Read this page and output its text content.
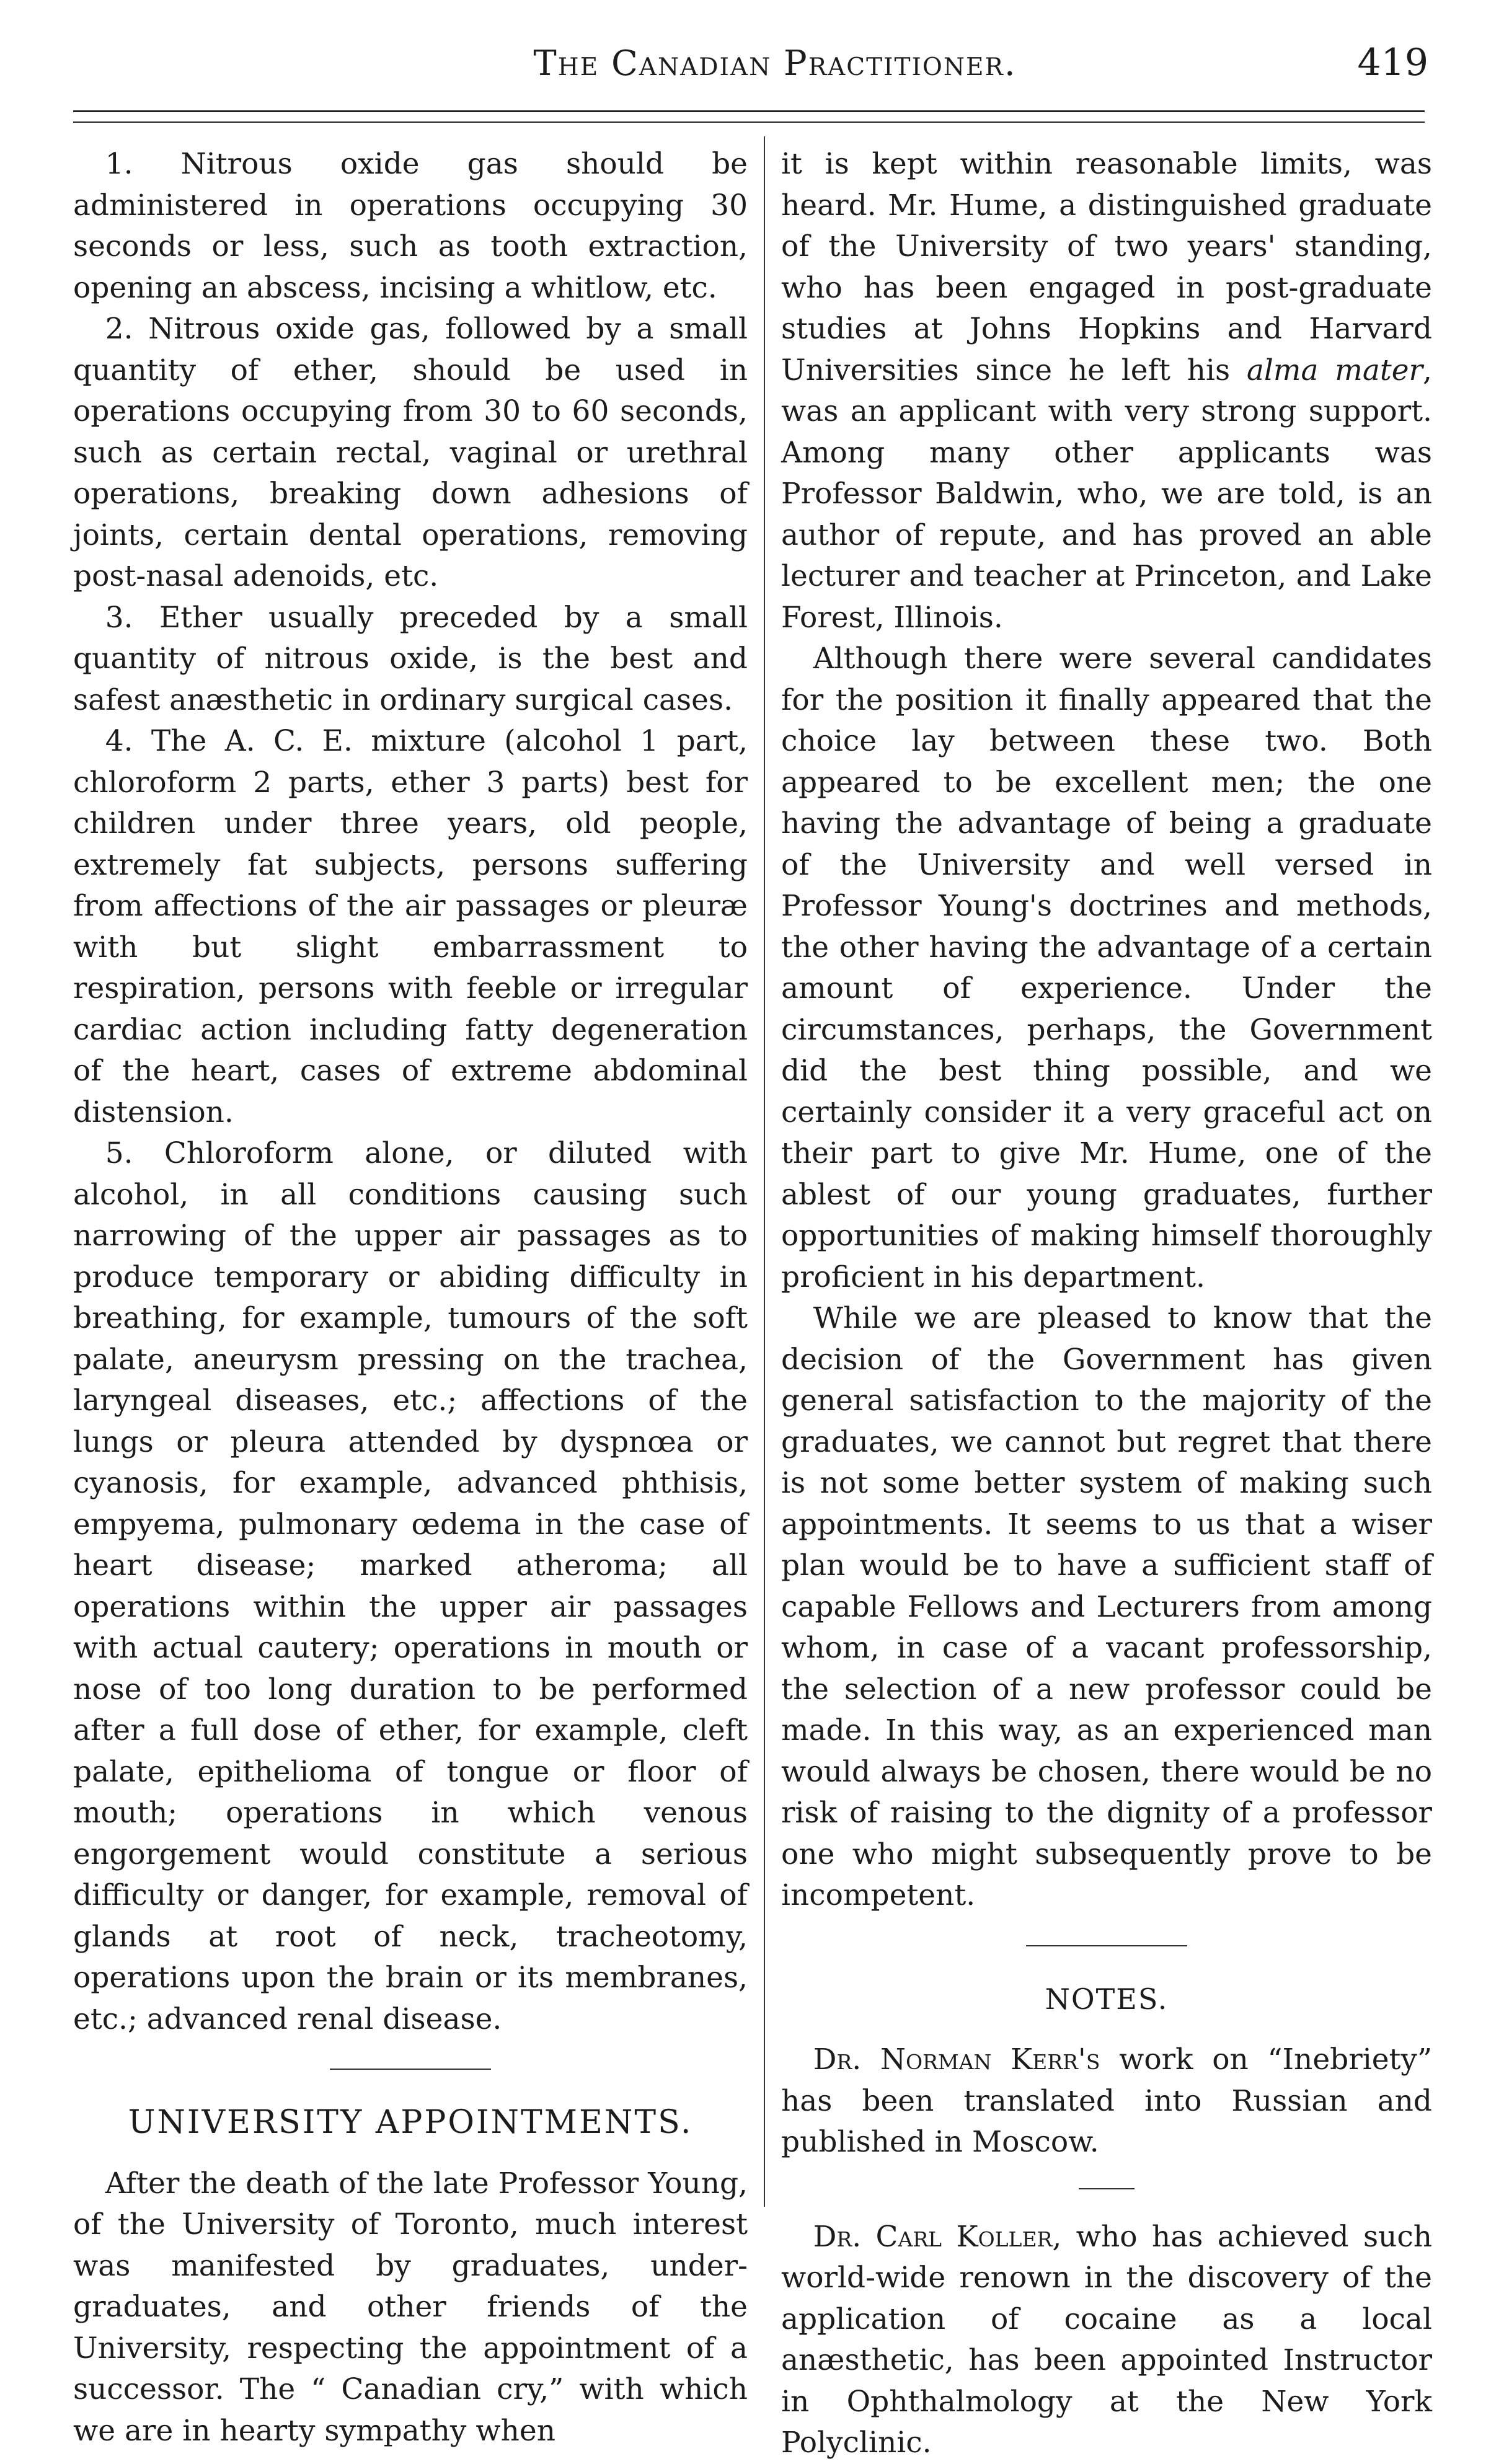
The Canadian Practitioner.	419

1. Nitrous oxide gas should be administered in operations occupying 30 seconds or less, such as tooth extraction, opening an abscess, incising a whitlow, etc.

2. Nitrous oxide gas, followed by a small quantity of ether, should be used in operations occupying from 30 to 60 seconds, such as certain rectal, vaginal or urethral operations, breaking down adhesions of joints, certain dental operations, removing post-nasal adenoids, etc.

3. Ether usually preceded by a small quantity of nitrous oxide, is the best and safest anæsthetic in ordinary surgical cases.

4. The A. C. E. mixture (alcohol 1 part, chloroform 2 parts, ether 3 parts) best for children under three years, old people, extremely fat subjects, persons suffering from affections of the air passages or pleuræ with but slight embarrassment to respiration, persons with feeble or irregular cardiac action including fatty degeneration of the heart, cases of extreme abdominal distension.

5. Chloroform alone, or diluted with alcohol, in all conditions causing such narrowing of the upper air passages as to produce temporary or abiding difficulty in breathing, for example, tumours of the soft palate, aneurysm pressing on the trachea, laryngeal diseases, etc.; affections of the lungs or pleura attended by dyspnœa or cyanosis, for example, advanced phthisis, empyema, pulmonary œdema in the case of heart disease; marked atheroma; all operations within the upper air passages with actual cautery; operations in mouth or nose of too long duration to be performed after a full dose of ether, for example, cleft palate, epithelioma of tongue or floor of mouth; operations in which venous engorgement would constitute a serious difficulty or danger, for example, removal of glands at root of neck, tracheotomy, operations upon the brain or its membranes, etc.; advanced renal disease.

UNIVERSITY APPOINTMENTS.

After the death of the late Professor Young, of the University of Toronto, much interest was manifested by graduates, under-graduates, and other friends of the University, respecting the appointment of a successor. The “ Canadian cry,” with which we are in hearty sympathy when

it is kept within reasonable limits, was heard. Mr. Hume, a distinguished graduate of the University of two years' standing, who has been engaged in post-graduate studies at Johns Hopkins and Harvard Universities since he left his alma mater, was an applicant with very strong support. Among many other applicants was Professor Baldwin, who, we are told, is an author of repute, and has proved an able lecturer and teacher at Princeton, and Lake Forest, Illinois.

Although there were several candidates for the position it finally appeared that the choice lay between these two. Both appeared to be excellent men; the one having the advantage of being a graduate of the University and well versed in Professor Young's doctrines and methods, the other having the advantage of a certain amount of experience. Under the circumstances, perhaps, the Government did the best thing possible, and we certainly consider it a very graceful act on their part to give Mr. Hume, one of the ablest of our young graduates, further opportunities of making himself thoroughly proficient in his department.

While we are pleased to know that the decision of the Government has given general satisfaction to the majority of the graduates, we cannot but regret that there is not some better system of making such appointments. It seems to us that a wiser plan would be to have a sufficient staff of capable Fellows and Lecturers from among whom, in case of a vacant professorship, the selection of a new professor could be made. In this way, as an experienced man would always be chosen, there would be no risk of raising to the dignity of a professor one who might subsequently prove to be incompetent.

NOTES.

Dr. Norman Kerr's work on “Inebriety” has been translated into Russian and published in Moscow.

Dr. Carl Koller, who has achieved such world-wide renown in the discovery of the application of cocaine as a local anæsthetic, has been appointed Instructor in Ophthalmology at the New York Polyclinic.
